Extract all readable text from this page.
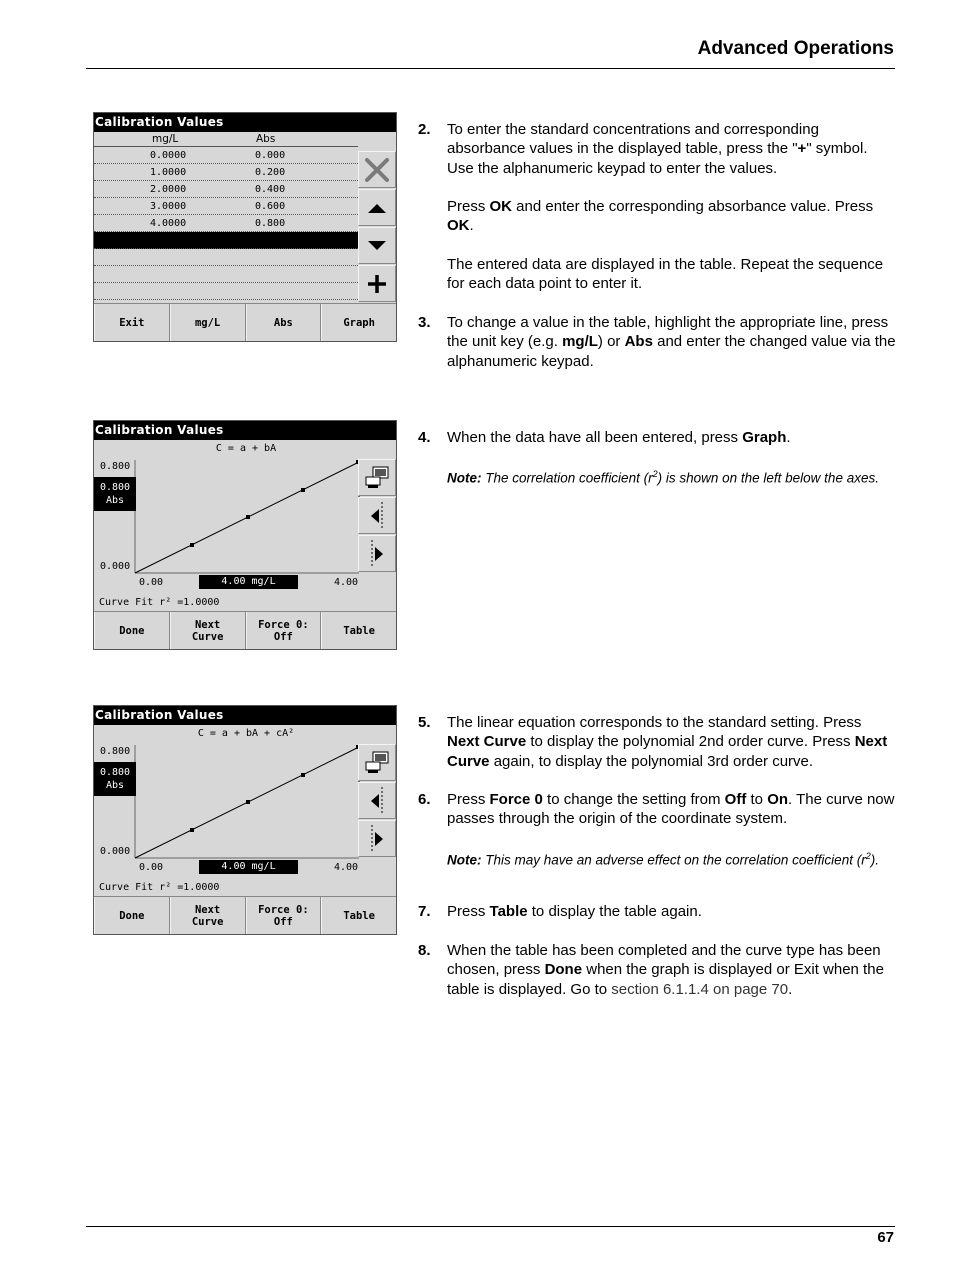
Advanced Operations
Calibration Values
mg/L	Abs
0.0000	0.000
1.0000	0.200
2.0000	0.400
3.0000	0.600
4.0000	0.800
Exit	mg/L	Abs	Graph
Calibration Values
C = a + bA
0.800
0.800
Abs
0.000
0.00	4.00 mg/L	4.00
Curve Fit r² =1.0000
Done	Next
Curve
Force 0:
Off	Table
Calibration Values
C = a + bA + cA²
0.800
0.800
Abs
0.000
0.00	4.00 mg/L	4.00
Curve Fit r² =1.0000
Done	Next
Curve
Force 0:
Off	Table
2. To enter the standard concentrations and corresponding absorbance values in the displayed table, press the "+" symbol. Use the alphanumeric keypad to enter the values.
Press OK and enter the corresponding absorbance value. Press OK.
The entered data are displayed in the table. Repeat the sequence for each data point to enter it.
3. To change a value in the table, highlight the appropriate line, press the unit key (e.g. mg/L) or Abs and enter the changed value via the alphanumeric keypad.
4. When the data have all been entered, press Graph.
Note: The correlation coefficient $(r^2)$ is shown on the left below the axes.
5. The linear equation corresponds to the standard setting. Press Next Curve to display the polynomial 2nd order curve. Press Next Curve again, to display the polynomial 3rd order curve.
6. Press Force 0 to change the setting from Off to On. The curve now passes through the origin of the coordinate system.
Note: This may have an adverse effect on the correlation coefficient $(r^2)$.
7. Press Table to display the table again.
8. When the table has been completed and the curve type has been chosen, press Done when the graph is displayed or Exit when the table is displayed. Go to section 6.1.1.4 on page 70.
67
